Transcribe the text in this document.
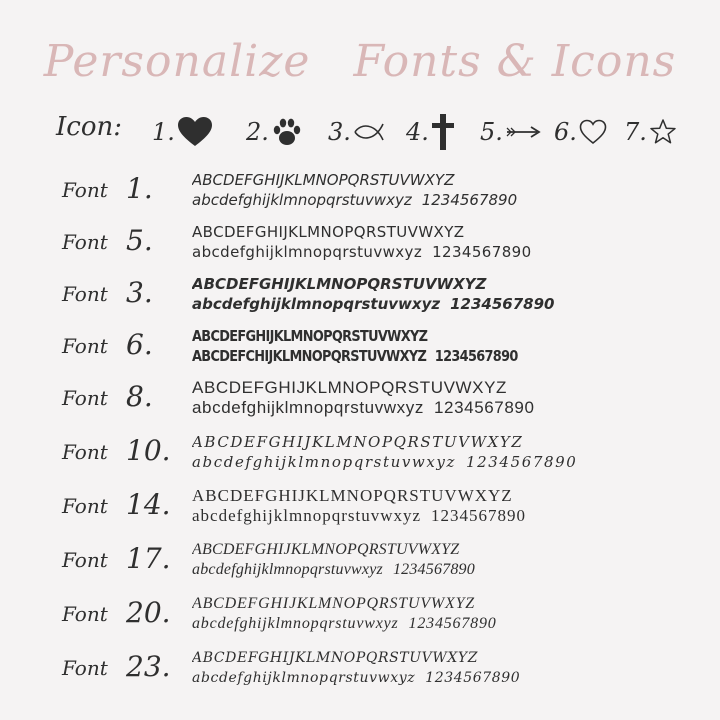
Personalize Fonts & Icons
Icon: 1.	2. 3. 4. 5. 6. 7.
Font 1.	ABCDEFGHIJKLMNOPQRSTUVWXYZ
abcdefghijklmnopqrstuvwxyz 1234567890
Font 5.	ABCDEFGHIJKLMNOPQRSTUVWXYZ
abcdefghijklmnopqrstuvwxyz 1234567890
Font 3.	ABCDEFGHIJKLMNOPQRSTUVWXYZ
abcdefghijklmnopqrstuvwxyz 1234567890
Font 6.	ABCDEFGHIJKLMNOPQRSTUVWXYZ
ABCDEFCHIJKLMNOPQRSTUVWXYZ 1234567890
Font 8. ABCDEFGHIJKLMNOPQRSTUVWXYZ
abcdefghijklmnopqrstuvwxyz 1234567890
Font 10. ABCDEFGHIJKLMNOPQRSTUVWXYZ
abcdefghijklmnopqrstuvwxyz 1234567890
Font 14. ABCDEFGHIJKLMNOPQRSTUVWXYZ
abcdefghijklmnopqrstuvwxyz 1234567890
Font 17. ABCDEFGHIJKLMNOPQRSTUVWXYZ
abcdefghijklmnopqrstuvwxyz 1234567890
Font 20. ABCDEFGHIJKLMNOPQRSTUVWXYZ
abcdefghijklmnopqrstuvwxyz 1234567890
Font 23. ABCDEFGHIJKLMNOPQRSTUVWXYZ
abcdefghijklmnopqrstuvwxyz 1234567890
